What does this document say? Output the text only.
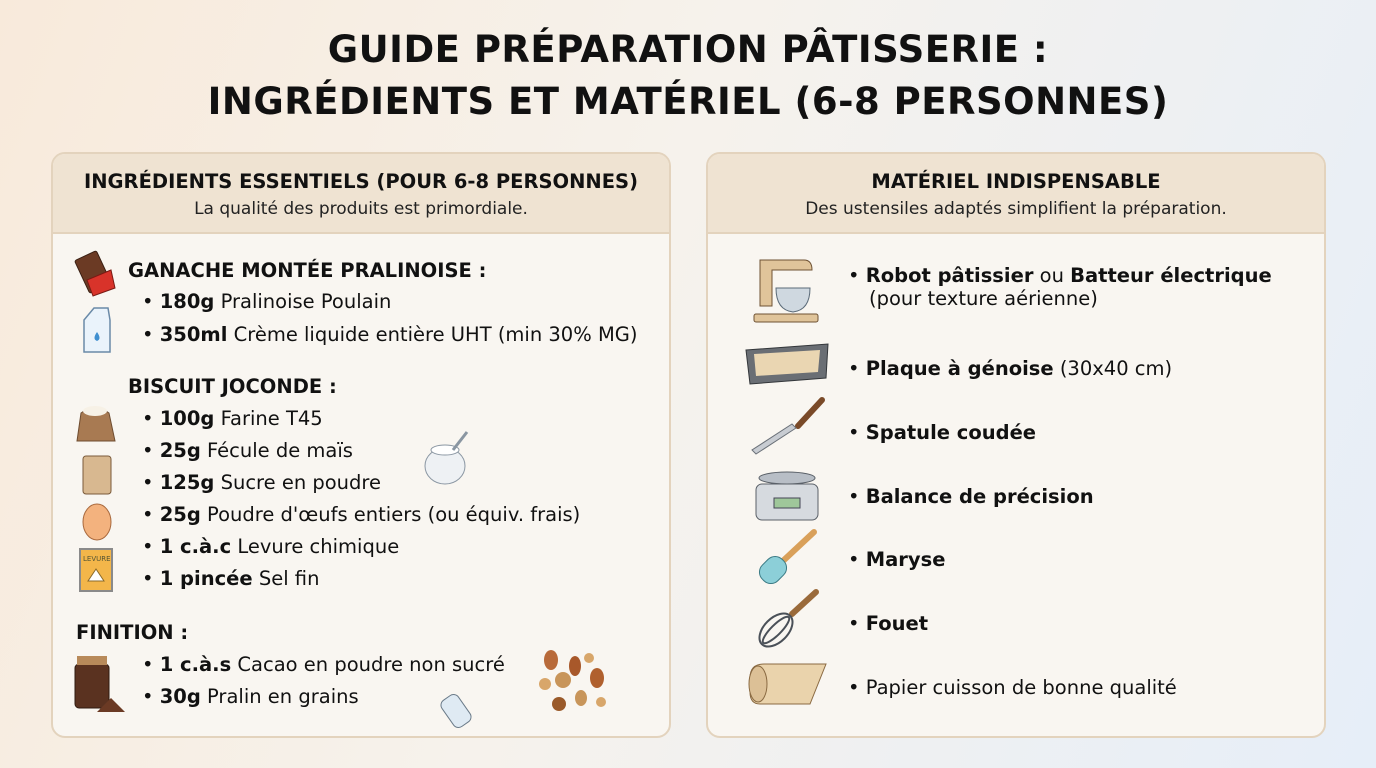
GUIDE PRÉPARATION PÂTISSERIE :
INGRÉDIENTS ET MATÉRIEL (6-8 PERSONNES)
INGRÉDIENTS ESSENTIELS (POUR 6-8 PERSONNES)
La qualité des produits est primordiale.
GANACHE MONTÉE PRALINOISE :
• 180g Pralinoise Poulain
• 350ml Crème liquide entière UHT (min 30% MG)
BISCUIT JOCONDE :
• 100g Farine T45
• 25g Fécule de maïs
• 125g Sucre en poudre
• 25g Poudre d'œufs entiers (ou équiv. frais)
• 1 c.à.c Levure chimique
• 1 pincée Sel fin
FINITION :
• 1 c.à.s Cacao en poudre non sucré
• 30g Pralin en grains
LEVURE
MATÉRIEL INDISPENSABLE
Des ustensiles adaptés simplifient la préparation.
• Robot pâtissier ou Batteur électrique
(pour texture aérienne)
• Plaque à génoise (30x40 cm)
• Spatule coudée
• Balance de précision
• Maryse
• Fouet
• Papier cuisson de bonne qualité
